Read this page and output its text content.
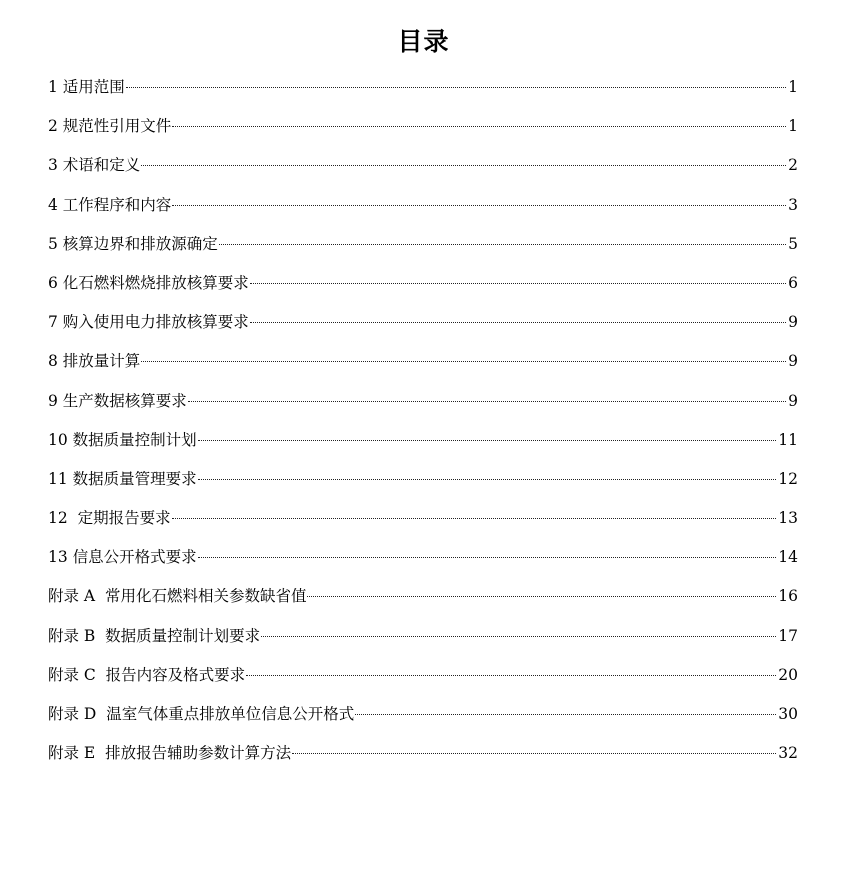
目录
1 适用范围	1
2 规范性引用文件	1
3 术语和定义	2
4 工作程序和内容	3
5 核算边界和排放源确定	5
6 化石燃料燃烧排放核算要求	6
7 购入使用电力排放核算要求	9
8 排放量计算	9
9 生产数据核算要求	9
10 数据质量控制计划	11
11 数据质量管理要求	12
12  定期报告要求	13
13 信息公开格式要求	14
附录 A  常用化石燃料相关参数缺省值	16
附录 B  数据质量控制计划要求	17
附录 C  报告内容及格式要求	20
附录 D  温室气体重点排放单位信息公开格式	30
附录 E  排放报告辅助参数计算方法	32
